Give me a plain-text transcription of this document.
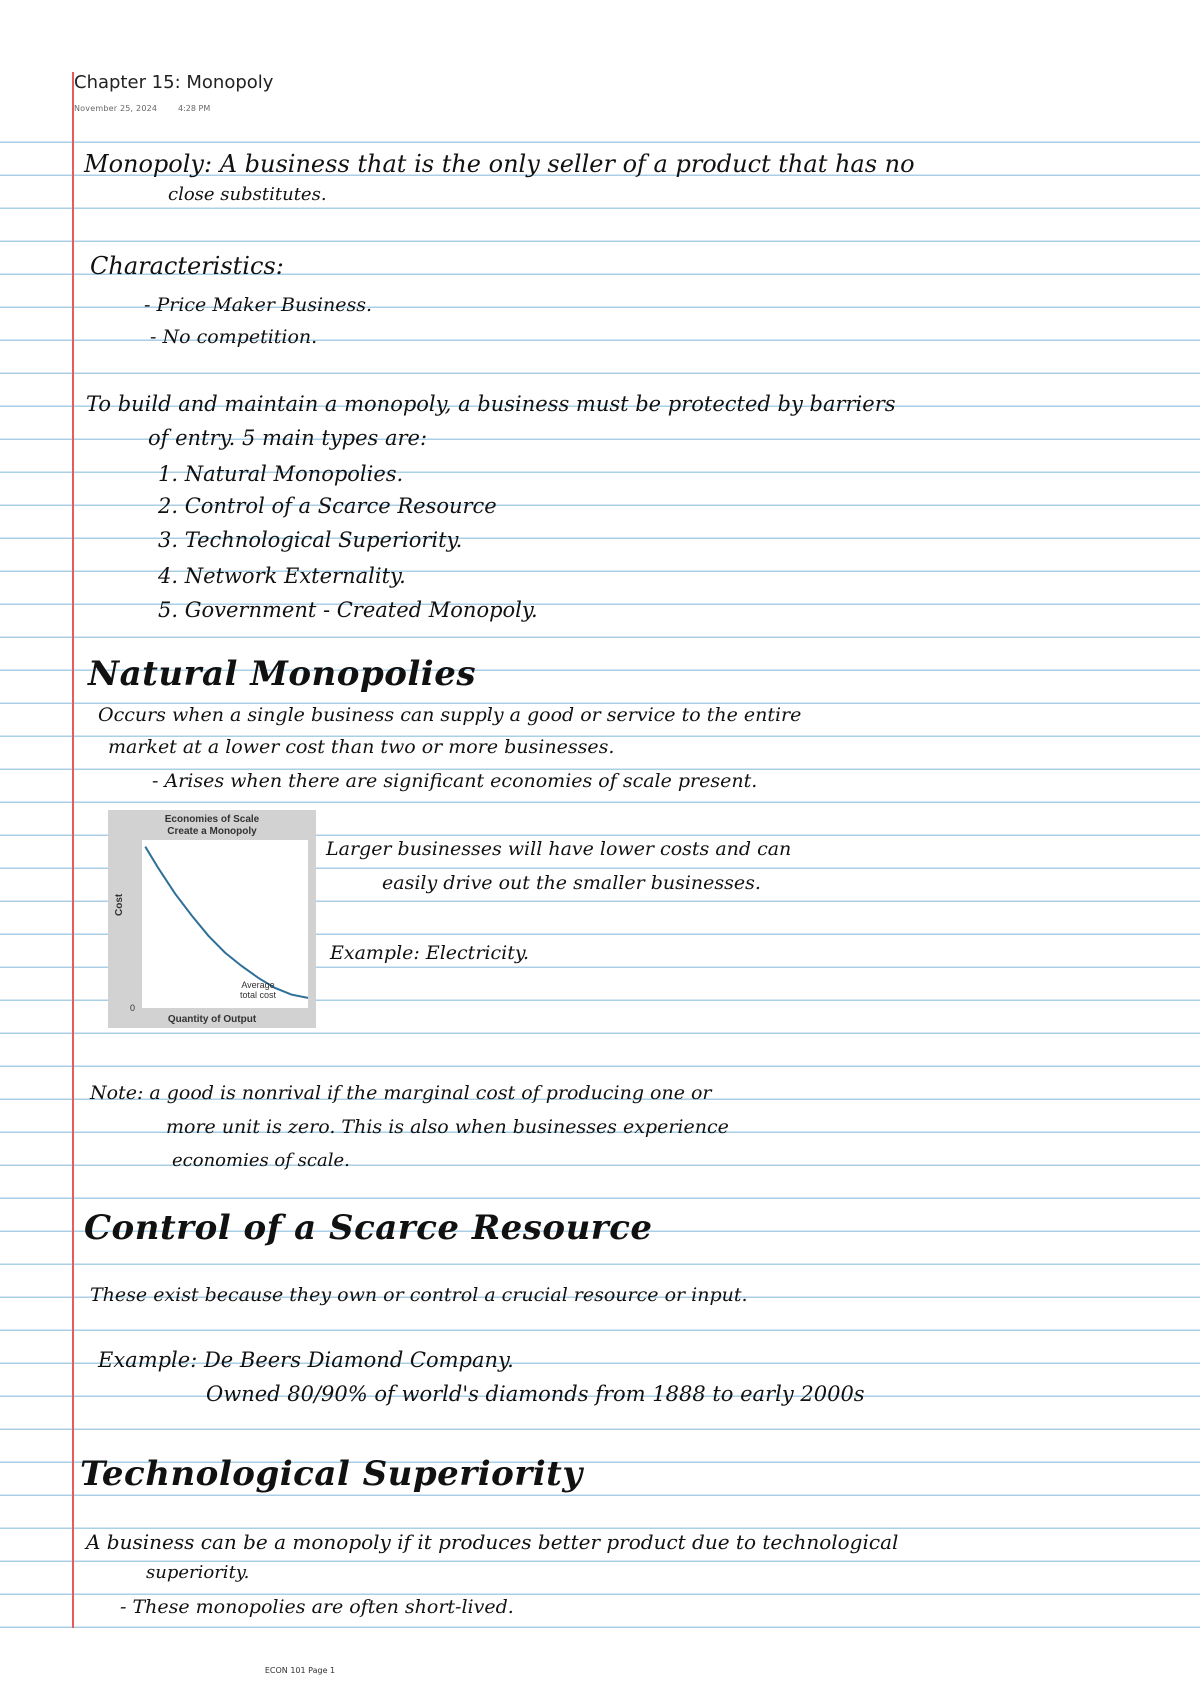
Chapter 15: Monopoly
November 25, 2024	4:28 PM
Monopoly: A business that is the only seller of a product that has no
close substitutes.
Characteristics:
- Price Maker Business.
- No competition.
To build and maintain a monopoly, a business must be protected by barriers
of entry. 5 main types are:
1. Natural Monopolies.
2. Control of a Scarce Resource
3. Technological Superiority.
4. Network Externality.
5. Government - Created Monopoly.
Natural Monopolies
Occurs when a single business can supply a good or service to the entire
market at a lower cost than two or more businesses.
- Arises when there are significant economies of scale present.
Economies of Scale
Create a Monopoly
Average
total cost
0
Cost
Quantity of Output
Larger businesses will have lower costs and can
easily drive out the smaller businesses.
Example: Electricity.
Note: a good is nonrival if the marginal cost of producing one or
more unit is zero. This is also when businesses experience
economies of scale.
Control of a Scarce Resource
These exist because they own or control a crucial resource or input.
Example: De Beers Diamond Company.
Owned 80/90% of world's diamonds from 1888 to early 2000s
Technological Superiority
A business can be a monopoly if it produces better product due to technological
superiority.
- These monopolies are often short-lived.
ECON 101 Page 1
